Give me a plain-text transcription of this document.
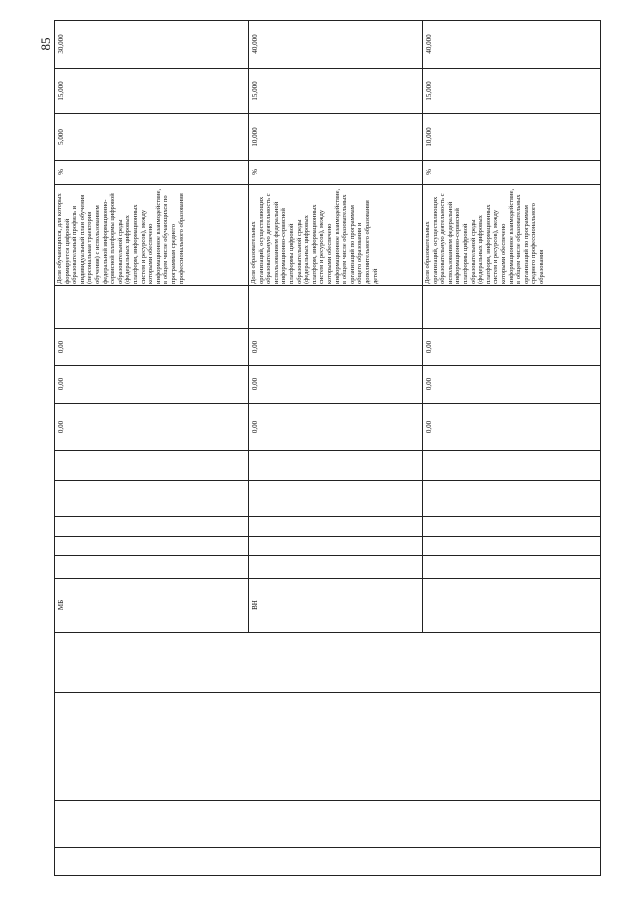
85 30,000
15,000
5,000
%
0,00
0,00
0,00
МБ
Доля обучающихся, для которых формируется цифровой образовательный профиль и индивидуальный план обучения (персональная траектория обучения) с использованием федеральной информационно-сервисной платформы цифровой образовательной среды (федеральных цифровых платформ, информационных систем и ресурсов), между которыми обеспечено информационное взаимодействие, в общем числе обучающихся по программам среднего профессионального образования
40,000
15,000
10,000
%
0,00
0,00
0,00
ВН
Доля образовательных организаций, осуществляющих образовательную деятельность с использованием федеральной информационно-сервисной платформы цифровой образовательной среды (федеральных цифровых платформ, информационных систем и ресурсов), между которыми обеспечено информационное взаимодействие, в общем числе образовательных организаций по программам общего образования и дополнительного образования детей
40,000
15,000
10,000
%
0,00
0,00
0,00
Доля образовательных организаций, осуществляющих образовательную деятельность с использованием федеральной информационно-сервисной платформы цифровой образовательной среды (федеральных цифровых платформ, информационных систем и ресурсов), между которыми обеспечено информационное взаимодействие, в общем числе образовательных организаций по программам среднего профессионального образования
